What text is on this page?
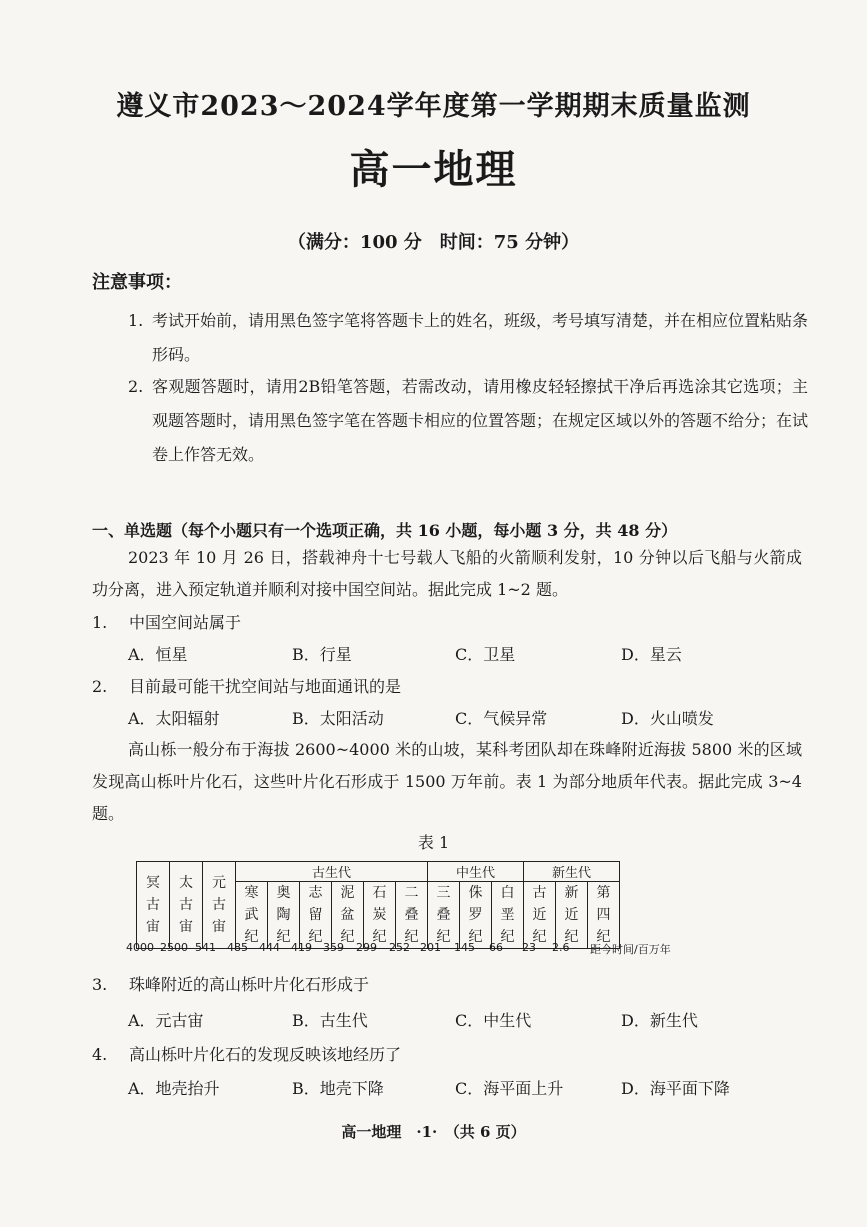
遵义市2023～2024学年度第一学期期末质量监测
高一地理
（满分：100 分　时间：75 分钟）
注意事项：
1. 考试开始前，请用黑色签字笔将答题卡上的姓名，班级，考号填写清楚，并在相应位置粘贴条形码。
2. 客观题答题时，请用2B铅笔答题，若需改动，请用橡皮轻轻擦拭干净后再选涂其它选项；主观题答题时，请用黑色签字笔在答题卡相应的位置答题；在规定区域以外的答题不给分；在试卷上作答无效。
一、单选题（每个小题只有一个选项正确，共 16 小题，每小题 3 分，共 48 分）
2023 年 10 月 26 日，搭载神舟十七号载人飞船的火箭顺利发射，10 分钟以后飞船与火箭成功分离，进入预定轨道并顺利对接中国空间站。据此完成 1~2 题。
1. 中国空间站属于
A．恒星	B．行星	C．卫星	D．星云
2. 目前最可能干扰空间站与地面通讯的是
A．太阳辐射	B．太阳活动	C．气候异常	D．火山喷发
高山栎一般分布于海拔 2600~4000 米的山坡，某科考团队却在珠峰附近海拔 5800 米的区域发现高山栎叶片化石，这些叶片化石形成于 1500 万年前。表 1 为部分地质年代表。据此完成 3~4 题。
表 1
冥古宙	太古宙	元古宙	古生代						中生代			新生代		
			寒武纪	奥陶纪	志留纪	泥盆纪	石炭纪	二叠纪	三叠纪	侏罗纪	白垩纪	古近纪	新近纪	第四纪
4000 2500 541 485 444 419 359 299 252 201 145 66 23 2.6 距今时间/百万年
3. 珠峰附近的高山栎叶片化石形成于
A．元古宙	B．古生代	C．中生代	D．新生代
4. 高山栎叶片化石的发现反映该地经历了
A．地壳抬升	B．地壳下降	C．海平面上升	D．海平面下降
高一地理　·1·　（共 6 页）
